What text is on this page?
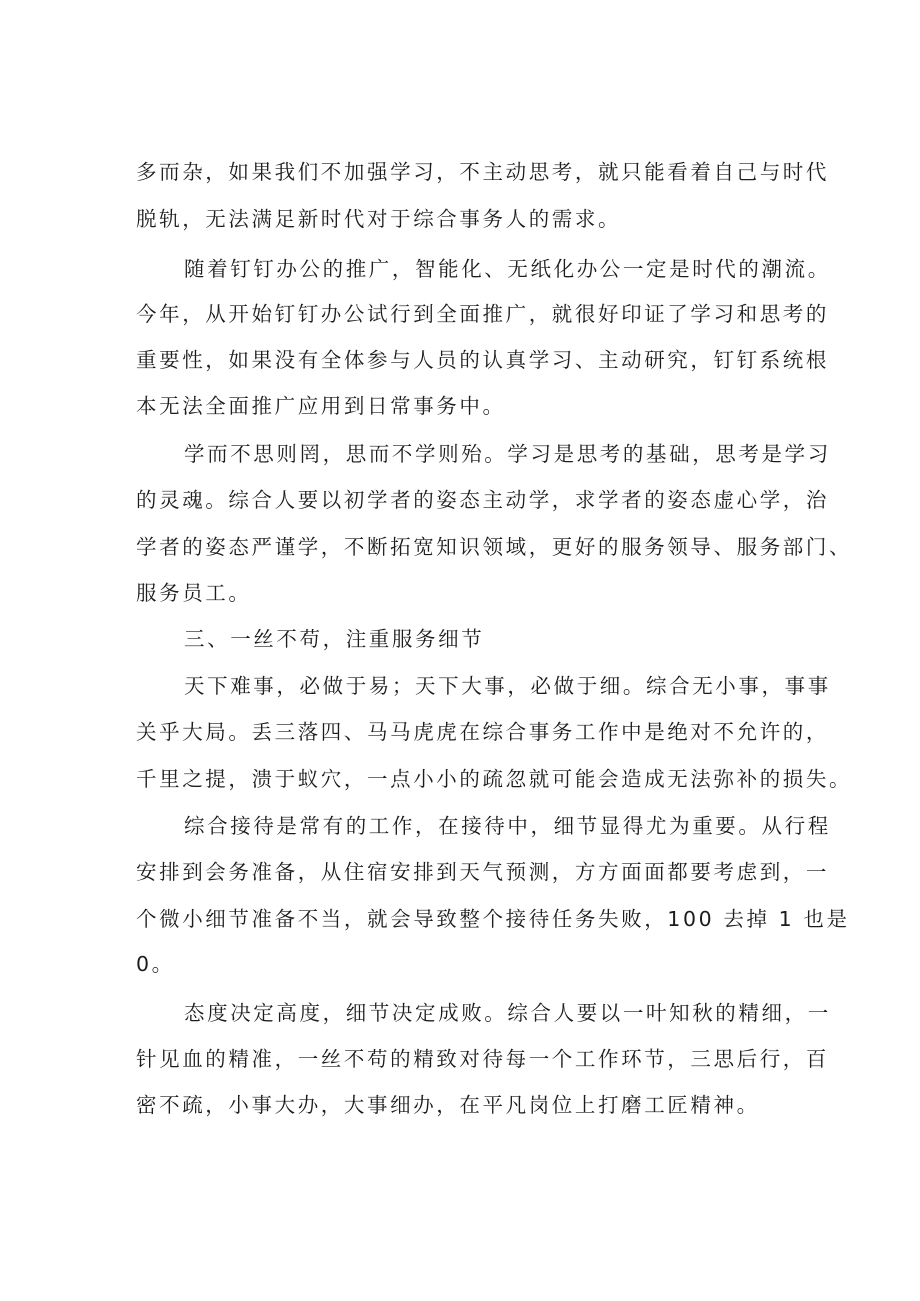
多而杂，如果我们不加强学习，不主动思考，就只能看着自己与时代
脱轨，无法满足新时代对于综合事务人的需求。
随着钉钉办公的推广，智能化、无纸化办公一定是时代的潮流。
今年，从开始钉钉办公试行到全面推广，就很好印证了学习和思考的
重要性，如果没有全体参与人员的认真学习、主动研究，钉钉系统根
本无法全面推广应用到日常事务中。
学而不思则罔，思而不学则殆。学习是思考的基础，思考是学习
的灵魂。综合人要以初学者的姿态主动学，求学者的姿态虚心学，治
学者的姿态严谨学，不断拓宽知识领域，更好的服务领导、服务部门、
服务员工。
三、一丝不苟，注重服务细节
天下难事，必做于易；天下大事，必做于细。综合无小事，事事
关乎大局。丢三落四、马马虎虎在综合事务工作中是绝对不允许的，
千里之提，溃于蚁穴，一点小小的疏忽就可能会造成无法弥补的损失。
综合接待是常有的工作，在接待中，细节显得尤为重要。从行程
安排到会务准备，从住宿安排到天气预测，方方面面都要考虑到，一
个微小细节准备不当，就会导致整个接待任务失败，100 去掉 1 也是
0。
态度决定高度，细节决定成败。综合人要以一叶知秋的精细，一
针见血的精准，一丝不苟的精致对待每一个工作环节，三思后行，百
密不疏，小事大办，大事细办，在平凡岗位上打磨工匠精神。
